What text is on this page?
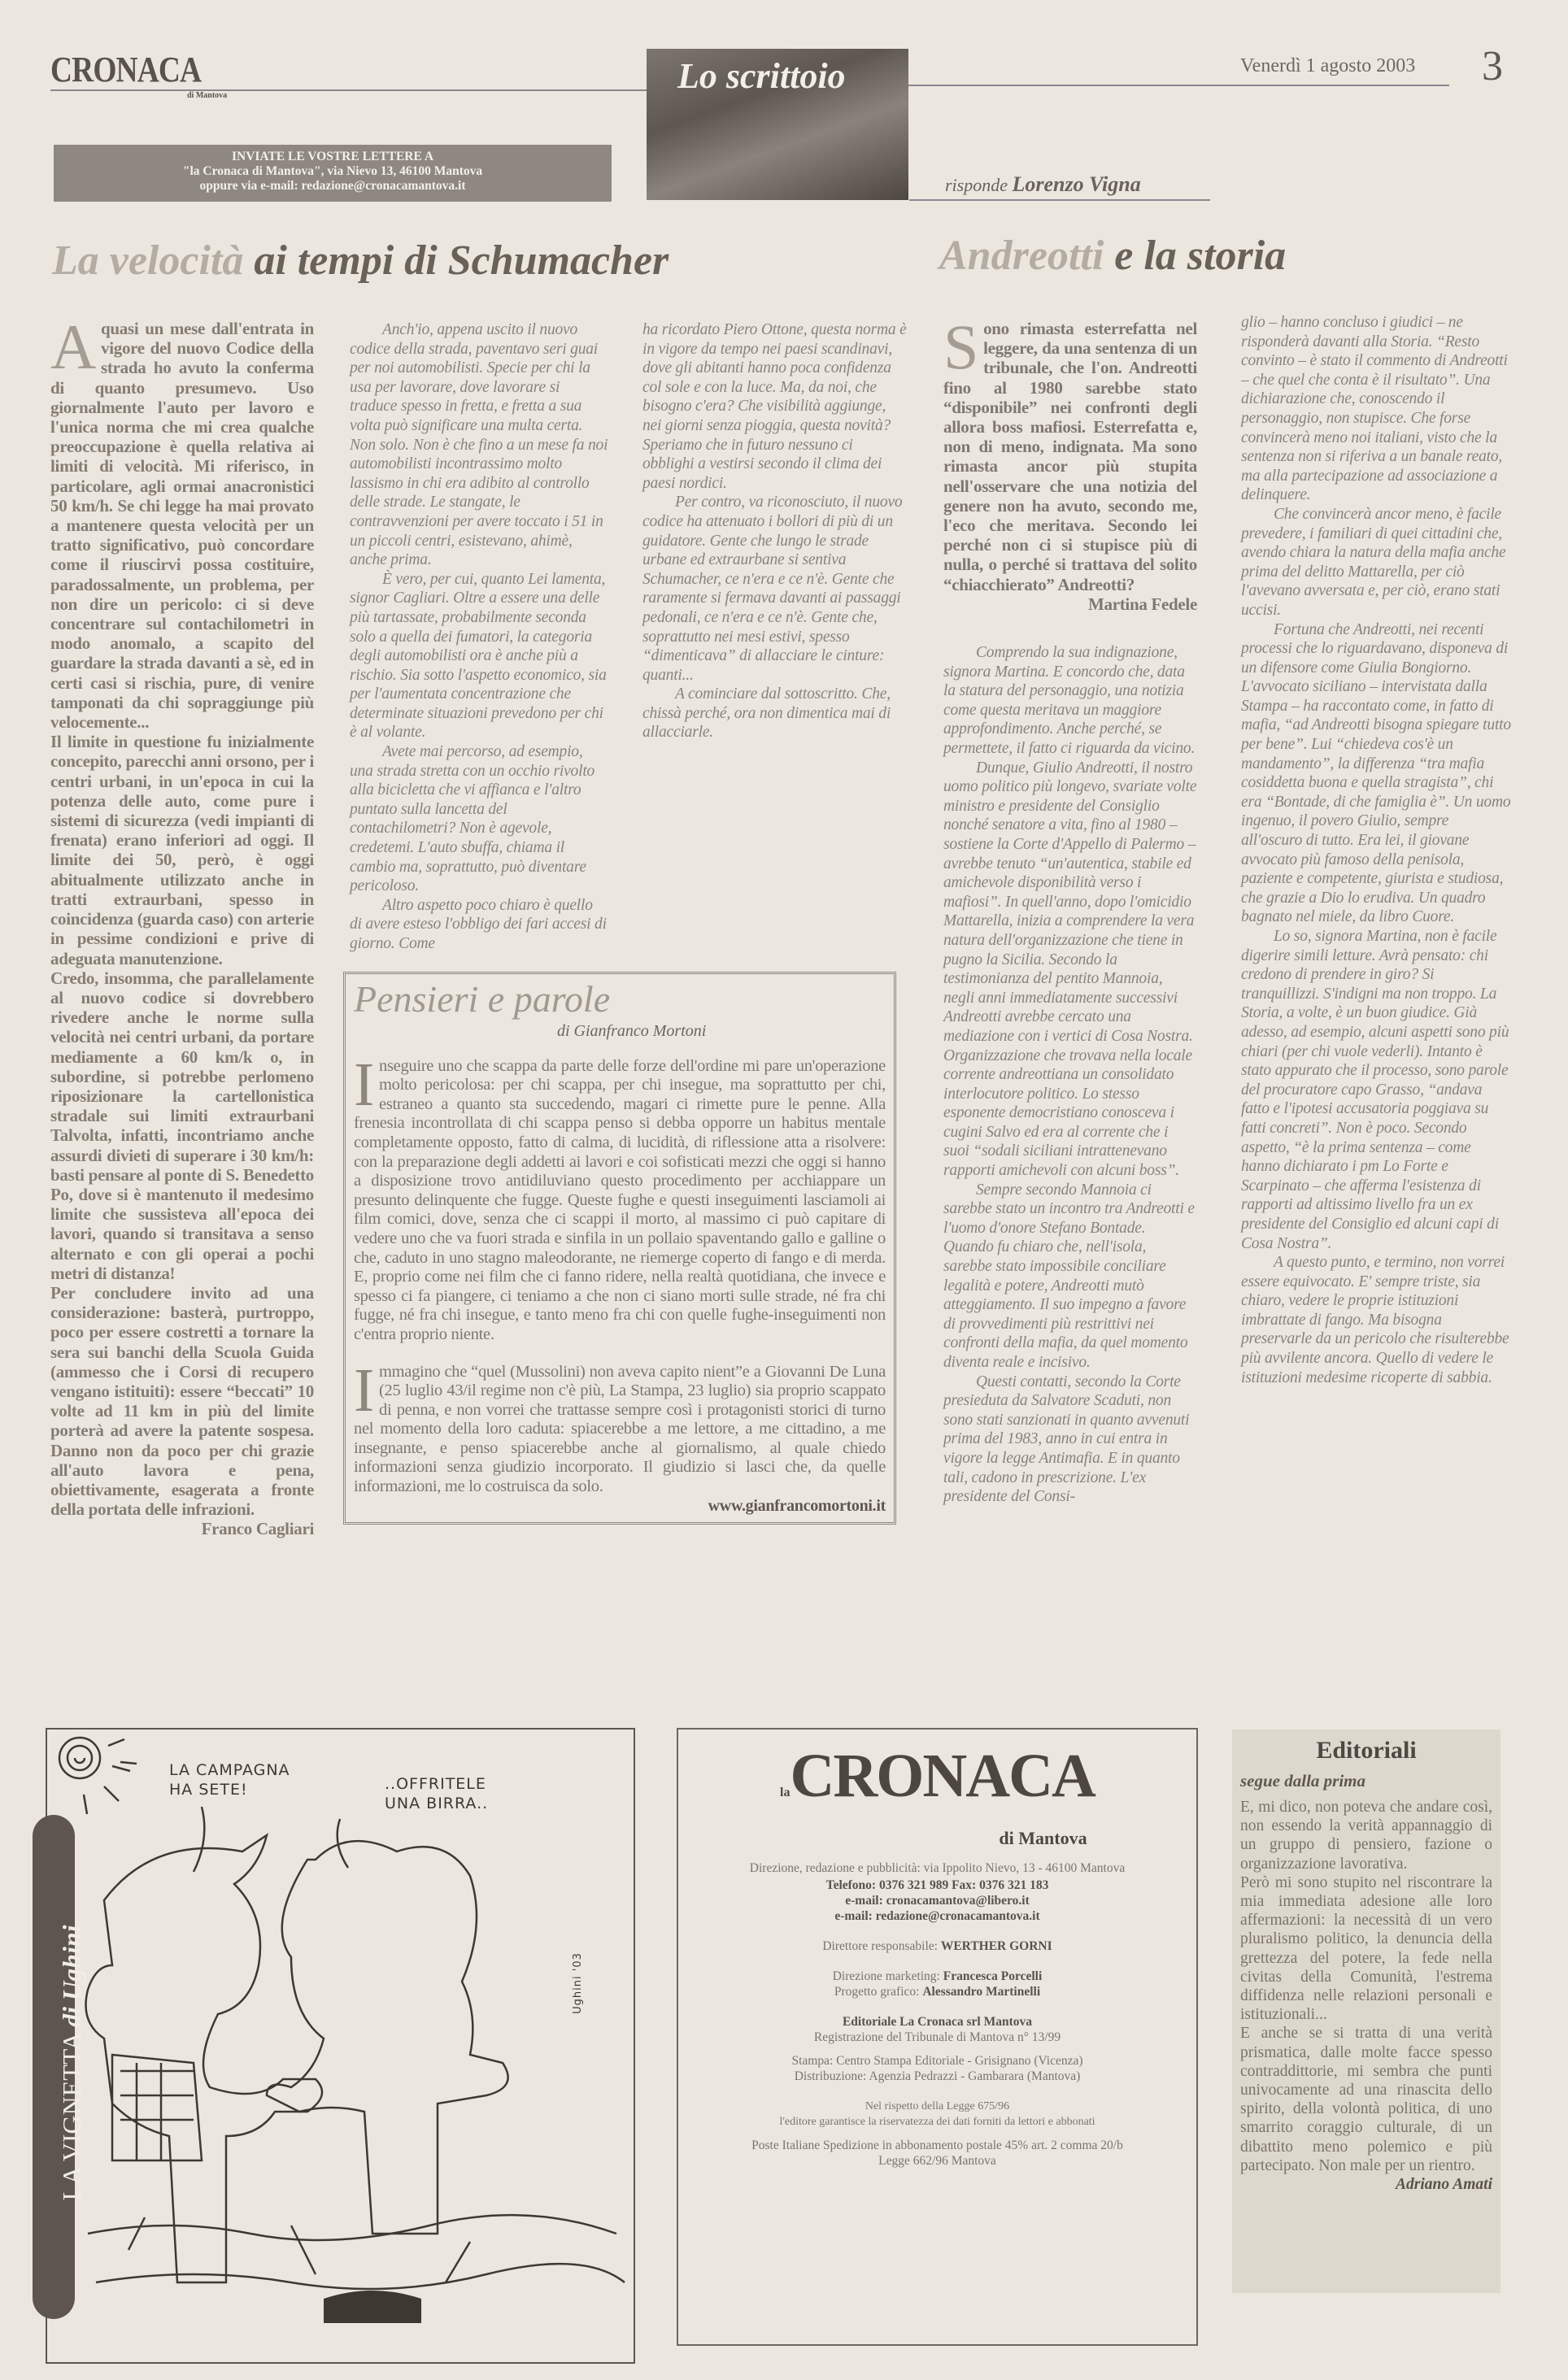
CRONACA
di Mantova	Lo scrittoio	Venerdì 1 agosto 2003 3
INVIATE LE VOSTRE LETTERE A
"la Cronaca di Mantova", via Nievo 13, 46100 Mantova
oppure via e-mail: redazione@cronacamantova.it	risponde Lorenzo Vigna
La velocità ai tempi di Schumacher	Andreotti e la storia

Aquasi un mese dall'entrata in vigore del nuovo Codice della strada ho avuto la conferma di quanto presumevo. Uso giornalmente l'auto per lavoro e l'unica norma che mi crea qualche preoccupazione è quella relativa ai limiti di velocità. Mi riferisco, in particolare, agli ormai anacronistici 50 km/h. Se chi legge ha mai provato a mantenere questa velocità per un tratto significativo, può concordare come il riuscirvi possa costituire, paradossalmente, un problema, per non dire un pericolo: ci si deve concentrare sul contachilometri in modo anomalo, a scapito del guardare la strada davanti a sè, ed in certi casi si rischia, pure, di venire tamponati da chi sopraggiunge più velocemente...

Il limite in questione fu inizialmente concepito, parecchi anni orsono, per i centri urbani, in un'epoca in cui la potenza delle auto, come pure i sistemi di sicurezza (vedi impianti di frenata) erano inferiori ad oggi. Il limite dei 50, però, è oggi abitualmente utilizzato anche in tratti extraurbani, spesso in coincidenza (guarda caso) con arterie in pessime condizioni e prive di adeguata manutenzione.

Credo, insomma, che parallelamente al nuovo codice si dovrebbero rivedere anche le norme sulla velocità nei centri urbani, da portare mediamente a 60 km/k o, in subordine, si potrebbe perlomeno riposizionare la cartellonistica stradale sui limiti extraurbani Talvolta, infatti, incontriamo anche assurdi divieti di superare i 30 km/h: basti pensare al ponte di S. Benedetto Po, dove si è mantenuto il medesimo limite che sussisteva all'epoca dei lavori, quando si transitava a senso alternato e con gli operai a pochi metri di distanza!

Per concludere invito ad una considerazione: basterà, purtroppo, poco per essere costretti a tornare la sera sui banchi della Scuola Guida (ammesso che i Corsi di recupero vengano istituiti): essere “beccati” 10 volte ad 11 km in più del limite porterà ad avere la patente sospesa. Danno non da poco per chi grazie all'auto lavora e pena, obiettivamente, esagerata a fronte della portata delle infrazioni.

Franco Cagliari

Anch'io, appena uscito il nuovo codice della strada, paventavo seri guai per noi automobilisti. Specie per chi la usa per lavorare, dove lavorare si traduce spesso in fretta, e fretta a sua volta può significare una multa certa. Non solo. Non è che fino a un mese fa noi automobilisti incontrassimo molto lassismo in chi era adibito al controllo delle strade. Le stangate, le contravvenzioni per avere toccato i 51 in un piccoli centri, esistevano, ahimè, anche prima.

È vero, per cui, quanto Lei lamenta, signor Cagliari. Oltre a essere una delle più tartassate, probabilmente seconda solo a quella dei fumatori, la categoria degli automobilisti ora è anche più a rischio. Sia sotto l'aspetto economico, sia per l'aumentata concentrazione che determinate situazioni prevedono per chi è al volante.

Avete mai percorso, ad esempio, una strada stretta con un occhio rivolto alla bicicletta che vi affianca e l'altro puntato sulla lancetta del contachilometri? Non è agevole, credetemi. L'auto sbuffa, chiama il cambio ma, soprattutto, può diventare pericoloso.

Altro aspetto poco chiaro è quello di avere esteso l'obbligo dei fari accesi di giorno. Come

Pensieri e parole
di Gianfranco Mortoni

Inseguire uno che scappa da parte delle forze dell'ordine mi pare un'operazione molto pericolosa: per chi scappa, per chi insegue, ma soprattutto per chi, estraneo a quanto sta succedendo, magari ci rimette pure le penne. Alla frenesia incontrollata di chi scappa penso si debba opporre un habitus mentale completamente opposto, fatto di calma, di lucidità, di riflessione atta a risolvere: con la preparazione degli addetti ai lavori e coi sofisticati mezzi che oggi si hanno a disposizione trovo antidiluviano questo procedimento per acchiappare un presunto delinquente che fugge. Queste fughe e questi inseguimenti lasciamoli ai film comici, dove, senza che ci scappi il morto, al massimo ci può capitare di vedere uno che va fuori strada e sinfila in un pollaio spaventando gallo e galline o che, caduto in uno stagno maleodorante, ne riemerge coperto di fango e di merda. E, proprio come nei film che ci fanno ridere, nella realtà quotidiana, che invece e spesso ci fa piangere, ci teniamo a che non ci siano morti sulle strade, né fra chi fugge, né fra chi insegue, e tanto meno fra chi con quelle fughe-inseguimenti non c'entra proprio niente.

Immagino che “quel (Mussolini) non aveva capito nient”e a Giovanni De Luna (25 luglio 43/il regime non c'è più, La Stampa, 23 luglio) sia proprio scappato di penna, e non vorrei che trattasse sempre così i protagonisti storici di turno nel momento della loro caduta: spiacerebbe a me lettore, a me cittadino, a me insegnante, e penso spiacerebbe anche al giornalismo, al quale chiedo informazioni senza giudizio incorporato. Il giudizio si lasci che, da quelle informazioni, me lo costruisca da solo.

www.gianfrancomortoni.it

ha ricordato Piero Ottone, questa norma è in vigore da tempo nei paesi scandinavi, dove gli abitanti hanno poca confidenza col sole e con la luce. Ma, da noi, che bisogno c'era? Che visibilità aggiunge, nei giorni senza pioggia, questa novità? Speriamo che in futuro nessuno ci obblighi a vestirsi secondo il clima dei paesi nordici.

Per contro, va riconosciuto, il nuovo codice ha attenuato i bollori di più di un guidatore. Gente che lungo le strade urbane ed extraurbane si sentiva Schumacher, ce n'era e ce n'è. Gente che raramente si fermava davanti ai passaggi pedonali, ce n'era e ce n'è. Gente che, soprattutto nei mesi estivi, spesso “dimenticava” di allacciare le cinture: quanti...

A cominciare dal sottoscritto. Che, chissà perché, ora non dimentica mai di allacciarle.

Sono rimasta esterrefatta nel leggere, da una sentenza di un tribunale, che l'on. Andreotti fino al 1980 sarebbe stato “disponibile” nei confronti degli allora boss mafiosi. Esterrefatta e, non di meno, indignata. Ma sono rimasta ancor più stupita nell'osservare che una notizia del genere non ha avuto, secondo me, l'eco che meritava. Secondo lei perché non ci si stupisce più di nulla, o perché si trattava del solito “chiacchierato” Andreotti?

Martina Fedele

Comprendo la sua indignazione, signora Martina. E concordo che, data la statura del personaggio, una notizia come questa meritava un maggiore approfondimento. Anche perché, se permettete, il fatto ci riguarda da vicino.

Dunque, Giulio Andreotti, il nostro uomo politico più longevo, svariate volte ministro e presidente del Consiglio nonché senatore a vita, fino al 1980 – sostiene la Corte d'Appello di Palermo – avrebbe tenuto “un'autentica, stabile ed amichevole disponibilità verso i mafiosi”. In quell'anno, dopo l'omicidio Mattarella, inizia a comprendere la vera natura dell'organizzazione che tiene in pugno la Sicilia. Secondo la testimonianza del pentito Mannoia, negli anni immediatamente successivi Andreotti avrebbe cercato una mediazione con i vertici di Cosa Nostra. Organizzazione che trovava nella locale corrente andreottiana un consolidato interlocutore politico. Lo stesso esponente democristiano conosceva i cugini Salvo ed era al corrente che i suoi “sodali siciliani intrattenevano rapporti amichevoli con alcuni boss”.

Sempre secondo Mannoia ci sarebbe stato un incontro tra Andreotti e l'uomo d'onore Stefano Bontade. Quando fu chiaro che, nell'isola, sarebbe stato impossibile conciliare legalità e potere, Andreotti mutò atteggiamento. Il suo impegno a favore di provvedimenti più restrittivi nei confronti della mafia, da quel momento diventa reale e incisivo.

Questi contatti, secondo la Corte presieduta da Salvatore Scaduti, non sono stati sanzionati in quanto avvenuti prima del 1983, anno in cui entra in vigore la legge Antimafia. E in quanto tali, cadono in prescrizione. L'ex presidente del Consi-

glio – hanno concluso i giudici – ne risponderà davanti alla Storia. “Resto convinto – è stato il commento di Andreotti – che quel che conta è il risultato”. Una dichiarazione che, conoscendo il personaggio, non stupisce. Che forse convincerà meno noi italiani, visto che la sentenza non si riferiva a un banale reato, ma alla partecipazione ad associazione a delinquere.

Che convincerà ancor meno, è facile prevedere, i familiari di quei cittadini che, avendo chiara la natura della mafia anche prima del delitto Mattarella, per ciò l'avevano avversata e, per ciò, erano stati uccisi.

Fortuna che Andreotti, nei recenti processi che lo riguardavano, disponeva di un difensore come Giulia Bongiorno. L'avvocato siciliano – intervistata dalla Stampa – ha raccontato come, in fatto di mafia, “ad Andreotti bisogna spiegare tutto per bene”. Lui “chiedeva cos'è un mandamento”, la differenza “tra mafia cosiddetta buona e quella stragista”, chi era “Bontade, di che famiglia è”. Un uomo ingenuo, il povero Giulio, sempre all'oscuro di tutto. Era lei, il giovane avvocato più famoso della penisola, paziente e competente, giurista e studiosa, che grazie a Dio lo erudiva. Un quadro bagnato nel miele, da libro Cuore.

Lo so, signora Martina, non è facile digerire simili letture. Avrà pensato: chi credono di prendere in giro? Si tranquillizzi. S'indigni ma non troppo. La Storia, a volte, è un buon giudice. Già adesso, ad esempio, alcuni aspetti sono più chiari (per chi vuole vederli). Intanto è stato appurato che il processo, sono parole del procuratore capo Grasso, “andava fatto e l'ipotesi accusatoria poggiava su fatti concreti”. Non è poco. Secondo aspetto, “è la prima sentenza – come hanno dichiarato i pm Lo Forte e Scarpinato – che afferma l'esistenza di rapporti ad altissimo livello fra un ex presidente del Consiglio ed alcuni capi di Cosa Nostra”.

A questo punto, e termino, non vorrei essere equivocato. E' sempre triste, sia chiaro, vedere le proprie istituzioni imbrattate di fango. Ma bisogna preservarle da un pericolo che risulterebbe più avvilente ancora. Quello di vedere le istituzioni medesime ricoperte di sabbia.

LA VIGNETTA di Ughini
LA CAMPAGNA
HA SETE!	..OFFRITELE
UNA BIRRA..
Ughini '03
laCRONACA
di Mantova
Direzione, redazione e pubblicità: via Ippolito Nievo, 13 - 46100 Mantova
Telefono: 0376 321 989 Fax: 0376 321 183
e-mail: cronacamantova@libero.it
e-mail: redazione@cronacamantova.it
Direttore responsabile: WERTHER GORNI
Direzione marketing: Francesca Porcelli
Progetto grafico: Alessandro Martinelli
Editoriale La Cronaca srl Mantova
Registrazione del Tribunale di Mantova n° 13/99
Stampa: Centro Stampa Editoriale - Grisignano (Vicenza)
Distribuzione: Agenzia Pedrazzi - Gambarara (Mantova)
Nel rispetto della Legge 675/96
l'editore garantisce la riservatezza dei dati forniti da lettori e abbonati
Poste Italiane Spedizione in abbonamento postale 45% art. 2 comma 20/b
Legge 662/96 Mantova
Editoriali
segue dalla prima

E, mi dico, non poteva che andare così, non essendo la verità appannaggio di un gruppo di pensiero, fazione o organizzazione lavorativa.

Però mi sono stupito nel riscontrare la mia immediata adesione alle loro affermazioni: la necessità di un vero pluralismo politico, la denuncia della grettezza del potere, la fede nella civitas della Comunità, l'estrema diffidenza nelle relazioni personali e istituzionali...

E anche se si tratta di una verità prismatica, dalle molte facce spesso contraddittorie, mi sembra che punti univocamente ad una rinascita dello spirito, della volontà politica, di uno smarrito coraggio culturale, di un dibattito meno polemico e più partecipato. Non male per un rientro.

Adriano Amati
